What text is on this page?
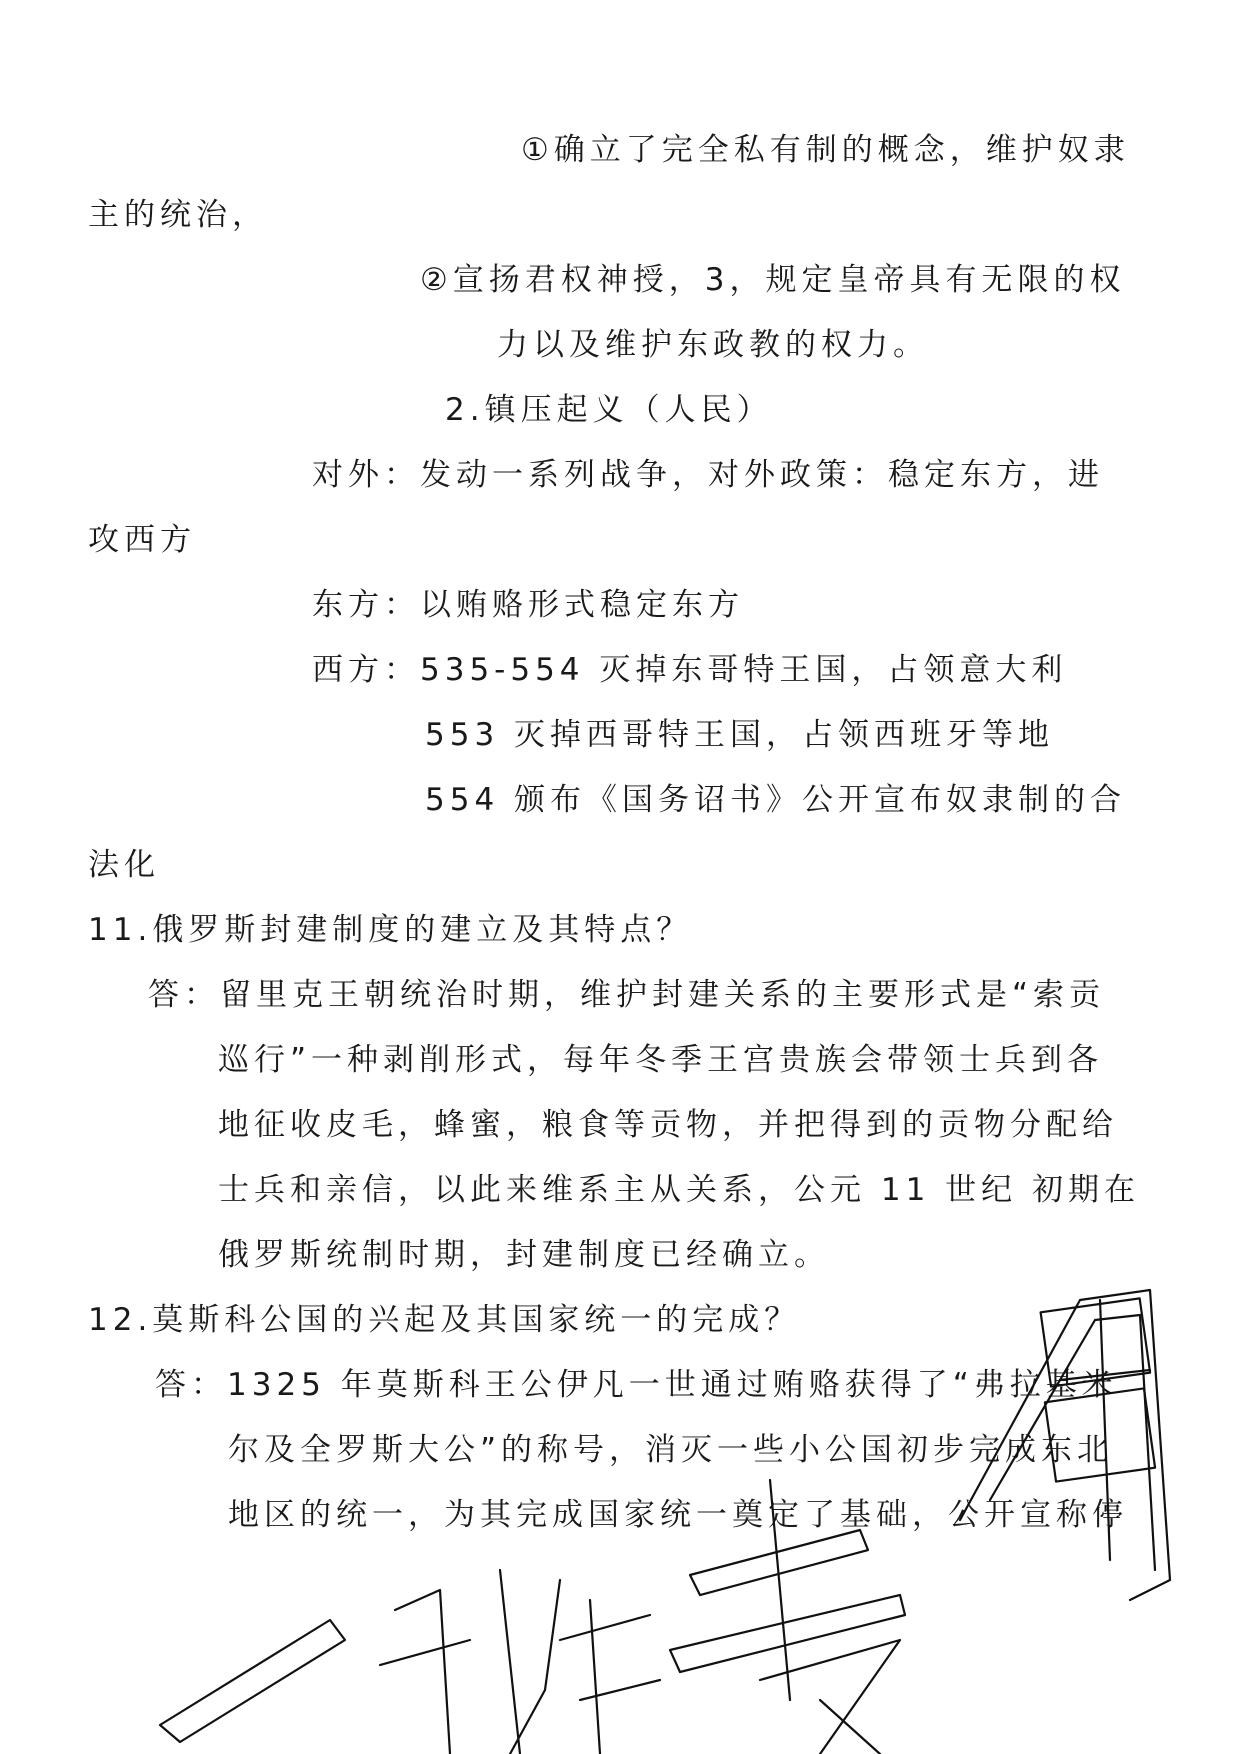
①确立了完全私有制的概念，维护奴隶
主的统治，
②宣扬君权神授，3，规定皇帝具有无限的权
力以及维护东政教的权力。
2.镇压起义（人民）
对外：发动一系列战争，对外政策：稳定东方，进
攻西方
东方：以贿赂形式稳定东方
西方：535-554 灭掉东哥特王国，占领意大利
553 灭掉西哥特王国，占领西班牙等地
554 颁布《国务诏书》公开宣布奴隶制的合
法化
11.俄罗斯封建制度的建立及其特点？
答：留里克王朝统治时期，维护封建关系的主要形式是“索贡
巡行”一种剥削形式，每年冬季王宫贵族会带领士兵到各
地征收皮毛，蜂蜜，粮食等贡物，并把得到的贡物分配给
士兵和亲信，以此来维系主从关系，公元 11 世纪 初期在
俄罗斯统制时期，封建制度已经确立。
12.莫斯科公国的兴起及其国家统一的完成？
答：1325 年莫斯科王公伊凡一世通过贿赂获得了“弗拉基米
尔及全罗斯大公”的称号，消灭一些小公国初步完成东北
地区的统一，为其完成国家统一奠定了基础，公开宣称停
